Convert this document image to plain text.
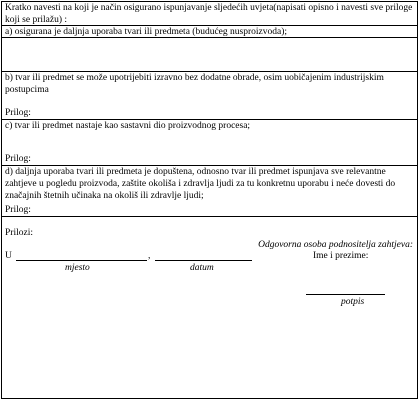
Kratko navesti na koji je način osigurano ispunjavanje sljedećih uvjeta(napisati opisno i navesti sve priloge koji se prilažu) :
a) osigurana je daljnja uporaba tvari ili predmeta (budućeg nusproizvoda);
b) tvar ili predmet se može upotrijebiti izravno bez dodatne obrade, osim uobičajenim industrijskim postupcima
Prilog:
c) tvar ili predmet nastaje kao sastavni dio proizvodnog procesa;
Prilog:
d) daljnja uporaba tvari ili predmeta je dopuštena, odnosno tvar ili predmet ispunjava sve relevantne zahtjeve u pogledu proizvoda, zaštite okoliša i zdravlja ljudi za tu konkretnu uporabu i neće dovesti do značajnih štetnih učinaka na okoliš ili zdravlje ljudi;
Prilog:
Prilozi:
Odgovorna osoba podnositelja zahtjeva:
Ime i prezime:
U	,
mjesto	datum
potpis
